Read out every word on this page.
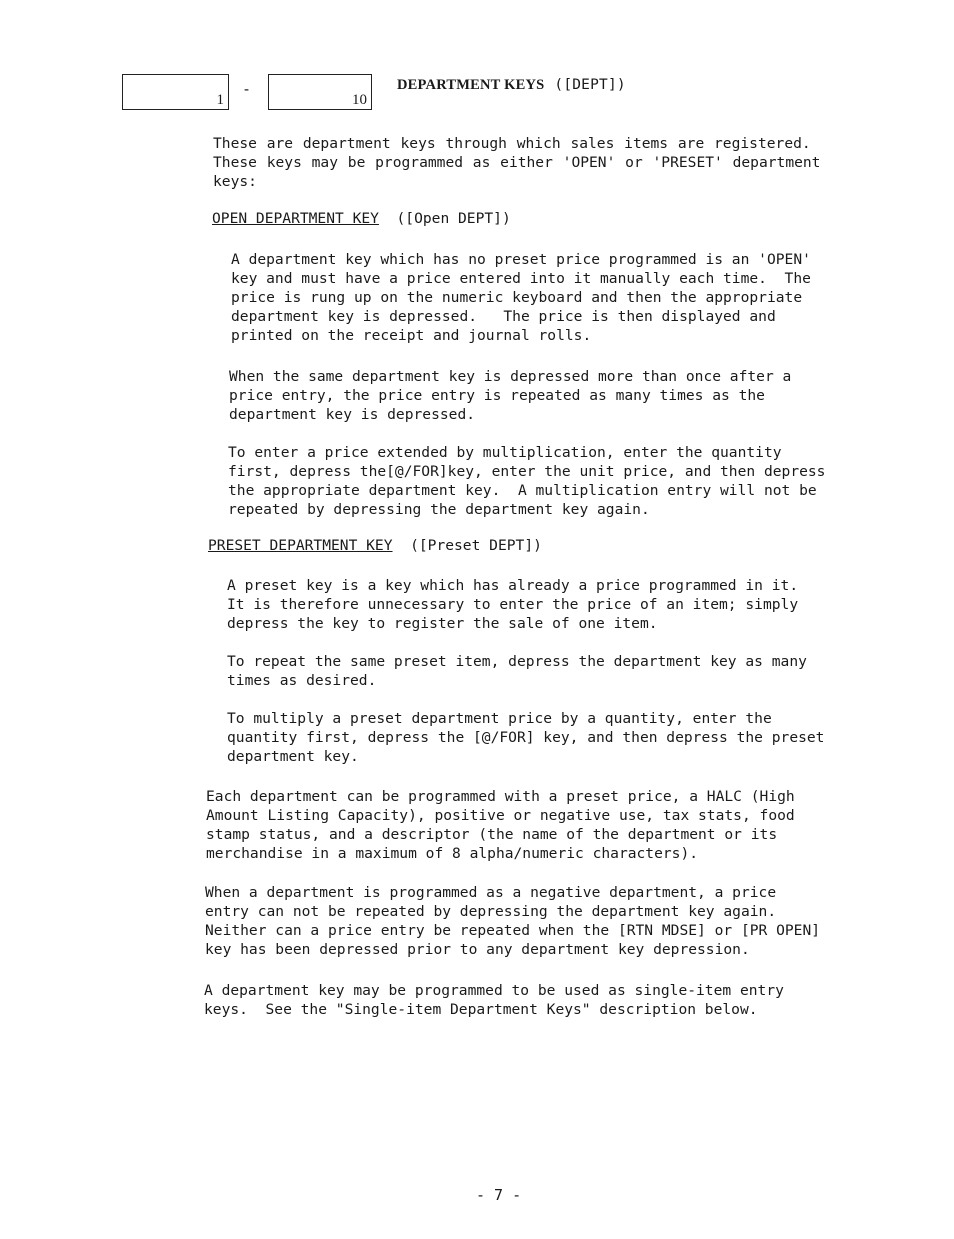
1
-
10
DEPARTMENT KEYS ([DEPT])

These are department keys through which sales items are registered.
These keys may be programmed as either 'OPEN' or 'PRESET' department
keys:

OPEN DEPARTMENT KEY ([Open DEPT])

A department key which has no preset price programmed is an 'OPEN'
key and must have a price entered into it manually each time.  The
price is rung up on the numeric keyboard and then the appropriate
department key is depressed.   The price is then displayed and
printed on the receipt and journal rolls.

When the same department key is depressed more than once after a
price entry, the price entry is repeated as many times as the
department key is depressed.

To enter a price extended by multiplication, enter the quantity
first, depress the[@/FOR]key, enter the unit price, and then depress
the appropriate department key.  A multiplication entry will not be
repeated by depressing the department key again.

PRESET DEPARTMENT KEY ([Preset DEPT])

A preset key is a key which has already a price programmed in it.
It is therefore unnecessary to enter the price of an item; simply
depress the key to register the sale of one item.

To repeat the same preset item, depress the department key as many
times as desired.

To multiply a preset department price by a quantity, enter the
quantity first, depress the [@/FOR] key, and then depress the preset
department key.

Each department can be programmed with a preset price, a HALC (High
Amount Listing Capacity), positive or negative use, tax stats, food
stamp status, and a descriptor (the name of the department or its
merchandise in a maximum of 8 alpha/numeric characters).

When a department is programmed as a negative department, a price
entry can not be repeated by depressing the department key again.
Neither can a price entry be repeated when the [RTN MDSE] or [PR OPEN]
key has been depressed prior to any department key depression.

A department key may be programmed to be used as single-item entry
keys.  See the "Single-item Department Keys" description below.

- 7 -
